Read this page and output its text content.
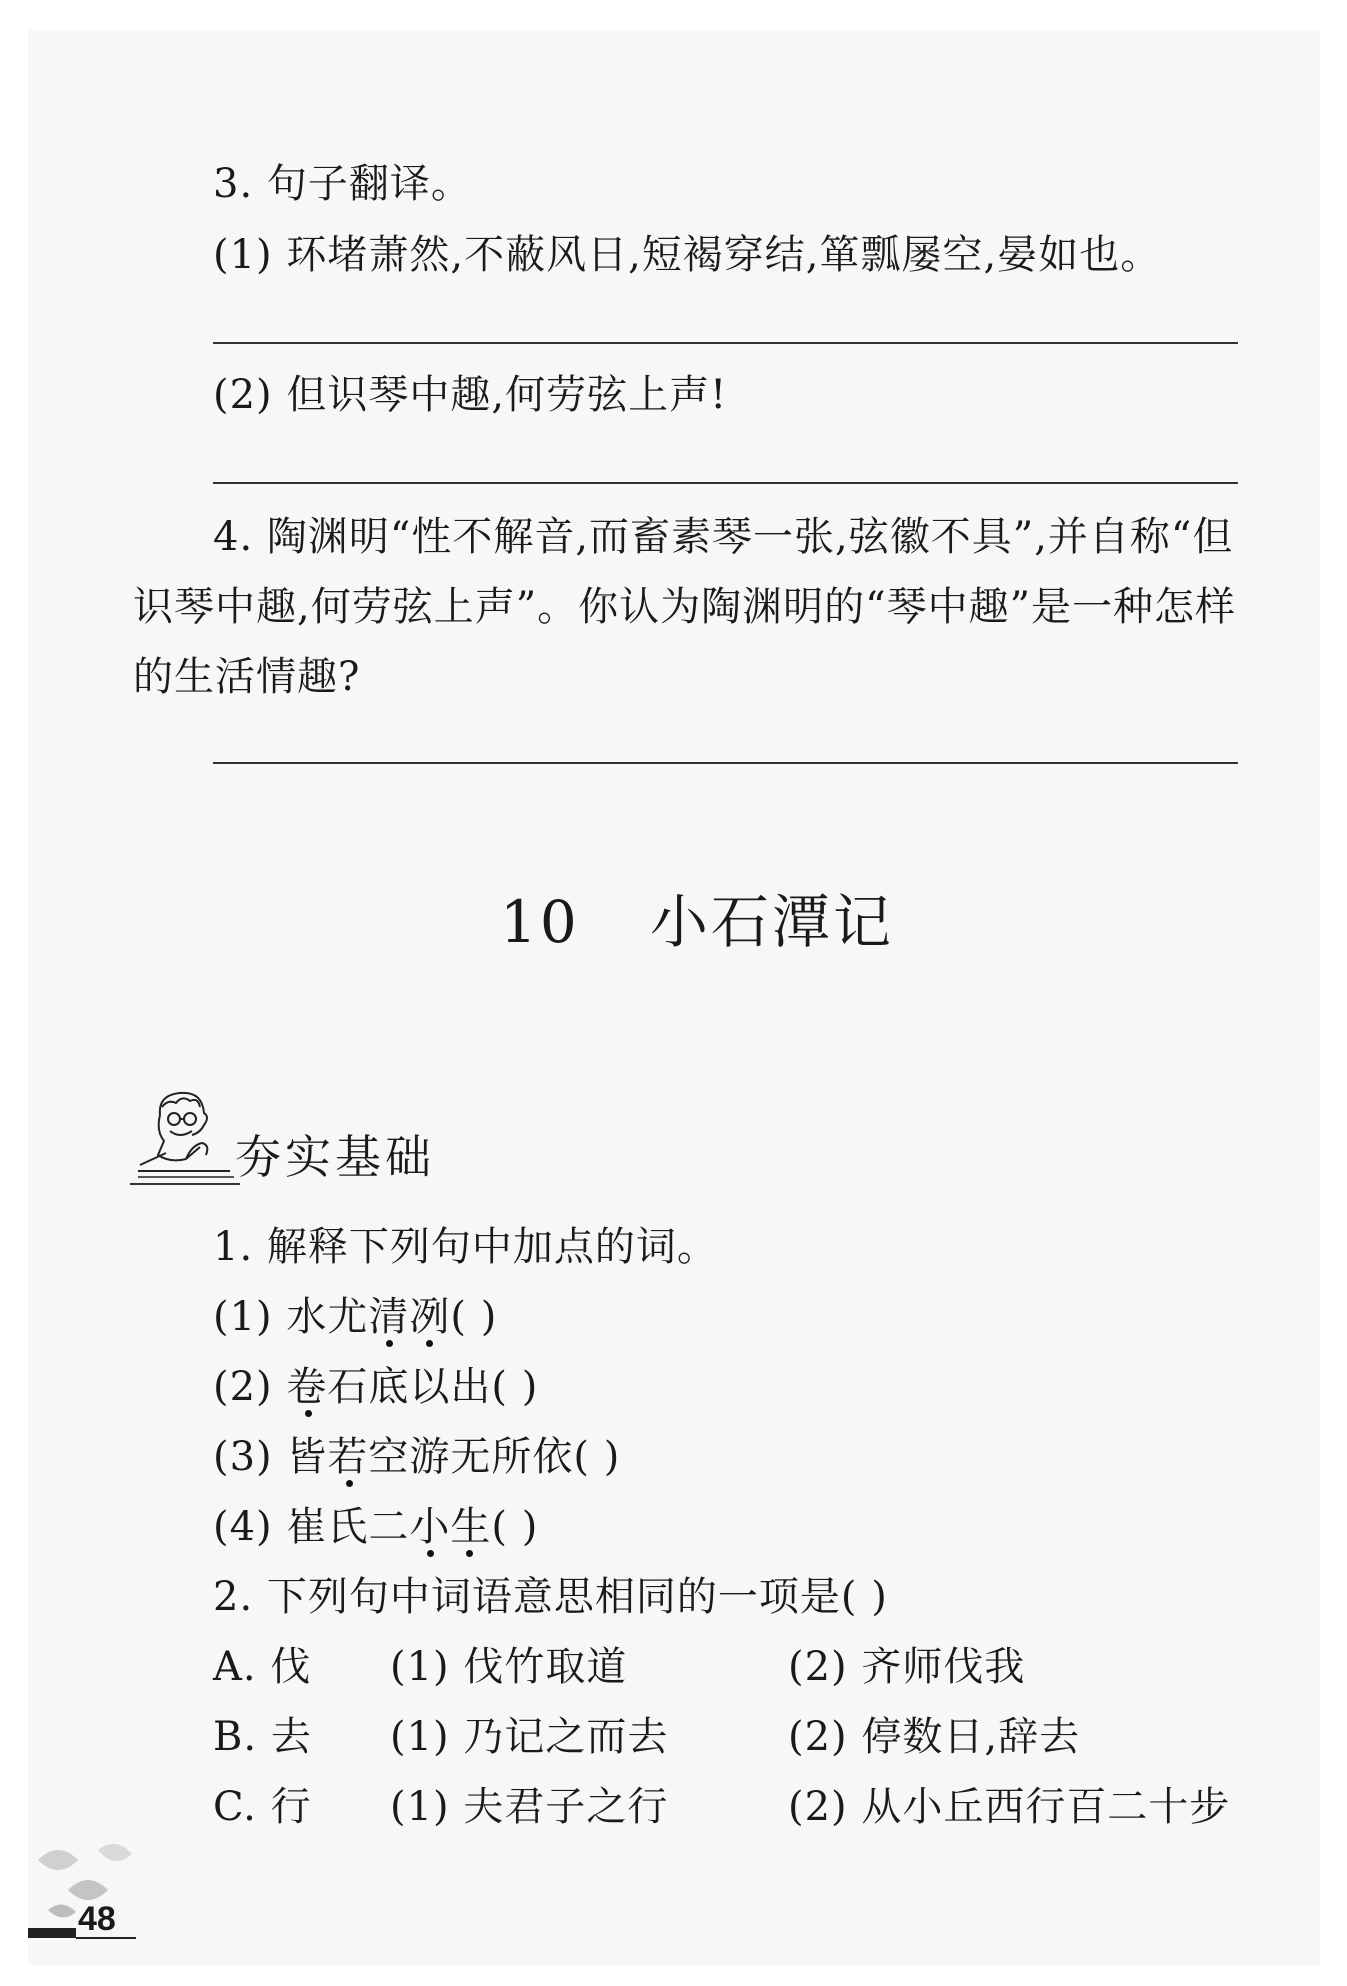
3. 句子翻译。
(1) 环堵萧然,不蔽风日,短褐穿结,箪瓢屡空,晏如也。
(2) 但识琴中趣,何劳弦上声!
4. 陶渊明“性不解音,而畜素琴一张,弦徽不具”,并自称“但
识琴中趣,何劳弦上声”。你认为陶渊明的“琴中趣”是一种怎样
的生活情趣?
10 小石潭记
夯实基础
1. 解释下列句中加点的词。
(1) 水尤清冽( )
(2) 卷石底以出( )
(3) 皆若空游无所依( )
(4) 崔氏二小生( )
2. 下列句中词语意思相同的一项是( )
A. 伐 (1) 伐竹取道	(2) 齐师伐我
B. 去 (1) 乃记之而去	(2) 停数日,辞去
C. 行 (1) 夫君子之行	(2) 从小丘西行百二十步
48
